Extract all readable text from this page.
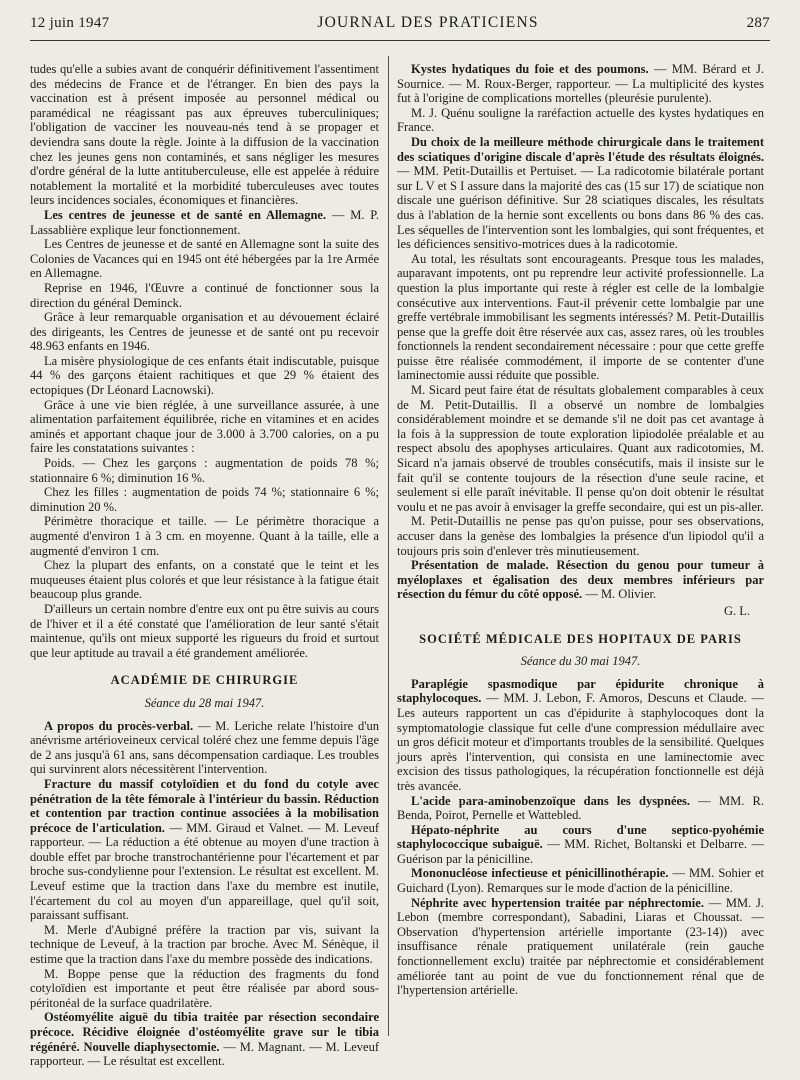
12 juin 1947	JOURNAL DES PRATICIENS	287

tudes qu'elle a subies avant de conquérir définitivement l'assentiment des médecins de France et de l'étranger. En bien des pays la vaccination est à présent imposée au personnel médical ou paramédical ne réagissant pas aux épreuves tuberculiniques; l'obligation de vacciner les nouveau-nés tend à se propager et deviendra sans doute la règle. Jointe à la diffusion de la vaccination chez les jeunes gens non contaminés, et sans négliger les mesures d'ordre général de la lutte antituberculeuse, elle est appelée à réduire notablement la mortalité et la morbidité tuberculeuses avec toutes leurs incidences sociales, économiques et financières.

Les centres de jeunesse et de santé en Allemagne. — M. P. Lassablière explique leur fonctionnement.

Les Centres de jeunesse et de santé en Allemagne sont la suite des Colonies de Vacances qui en 1945 ont été hébergées par la 1re Armée en Allemagne.

Reprise en 1946, l'Œuvre a continué de fonctionner sous la direction du général Deminck.

Grâce à leur remarquable organisation et au dévouement éclairé des dirigeants, les Centres de jeunesse et de santé ont pu recevoir 48.963 enfants en 1946.

La misère physiologique de ces enfants était indiscutable, puisque 44 % des garçons étaient rachitiques et que 29 % étaient des ectopiques (Dr Léonard Lacnowski).

Grâce à une vie bien réglée, à une surveillance assurée, à une alimentation parfaitement équilibrée, riche en vitamines et en acides aminés et apportant chaque jour de 3.000 à 3.700 calories, on a pu faire les constatations suivantes :

Poids. — Chez les garçons : augmentation de poids 78 %; stationnaire 6 %; diminution 16 %.

Chez les filles : augmentation de poids 74 %; stationnaire 6 %; diminution 20 %.

Périmètre thoracique et taille. — Le périmètre thoracique a augmenté d'environ 1 à 3 cm. en moyenne. Quant à la taille, elle a augmenté d'environ 1 cm.

Chez la plupart des enfants, on a constaté que le teint et les muqueuses étaient plus colorés et que leur résistance à la fatigue était beaucoup plus grande.

D'ailleurs un certain nombre d'entre eux ont pu être suivis au cours de l'hiver et il a été constaté que l'amélioration de leur santé s'était maintenue, qu'ils ont mieux supporté les rigueurs du froid et surtout que leur aptitude au travail a été grandement améliorée.

ACADÉMIE DE CHIRURGIE

Séance du 28 mai 1947.

A propos du procès-verbal. — M. Leriche relate l'histoire d'un anévrisme artérioveineux cervical toléré chez une femme depuis l'âge de 2 ans jusqu'à 61 ans, sans décompensation cardiaque. Les troubles qui survinrent alors nécessitèrent l'intervention.

Fracture du massif cotyloïdien et du fond du cotyle avec pénétration de la tête fémorale à l'intérieur du bassin. Réduction et contention par traction continue associées à la mobilisation précoce de l'articulation. — MM. Giraud et Valnet. — M. Leveuf rapporteur. — La réduction a été obtenue au moyen d'une traction à double effet par broche transtrochantérienne pour l'écartement et par broche sus-condylienne pour l'extension. Le résultat est excellent. M. Leveuf estime que la traction dans l'axe du membre est inutile, l'écartement du col au moyen d'un appareillage, quel qu'il soit, paraissant suffisant.

M. Merle d'Aubigné préfère la traction par vis, suivant la technique de Leveuf, à la traction par broche. Avec M. Sénèque, il estime que la traction dans l'axe du membre possède des indications.

M. Boppe pense que la réduction des fragments du fond cotyloïdien est importante et peut être réalisée par abord sous-péritonéal de la surface quadrilatère.

Ostéomyélite aiguë du tibia traitée par résection secondaire précoce. Récidive éloignée d'ostéomyélite grave sur le tibia régénéré. Nouvelle diaphysectomie. — M. Magnant. — M. Leveuf rapporteur. — Le résultat est excellent.

Kystes hydatiques du foie et des poumons. — MM. Bérard et J. Sournice. — M. Roux-Berger, rapporteur. — La multiplicité des kystes fut à l'origine de complications mortelles (pleurésie purulente).

M. J. Quénu souligne la raréfaction actuelle des kystes hydatiques en France.

Du choix de la meilleure méthode chirurgicale dans le traitement des sciatiques d'origine discale d'après l'étude des résultats éloignés. — MM. Petit-Dutaillis et Pertuiset. — La radicotomie bilatérale portant sur L V et S I assure dans la majorité des cas (15 sur 17) de sciatique non discale une guérison définitive. Sur 28 sciatiques discales, les résultats dus à l'ablation de la hernie sont excellents ou bons dans 86 % des cas. Les séquelles de l'intervention sont les lombalgies, qui sont fréquentes, et les déficiences sensitivo-motrices dues à la radicotomie.

Au total, les résultats sont encourageants. Presque tous les malades, auparavant impotents, ont pu reprendre leur activité professionnelle. La question la plus importante qui reste à régler est celle de la lombalgie consécutive aux interventions. Faut-il prévenir cette lombalgie par une greffe vertébrale immobilisant les segments intéressés? M. Petit-Dutaillis pense que la greffe doit être réservée aux cas, assez rares, où les troubles fonctionnels la rendent secondairement nécessaire : pour que cette greffe puisse être réalisée commodément, il importe de se contenter d'une laminectomie aussi réduite que possible.

M. Sicard peut faire état de résultats globalement comparables à ceux de M. Petit-Dutaillis. Il a observé un nombre de lombalgies considérablement moindre et se demande s'il ne doit pas cet avantage à la fois à la suppression de toute exploration lipiodolée préalable et au respect absolu des apophyses articulaires. Quant aux radicotomies, M. Sicard n'a jamais observé de troubles consécutifs, mais il insiste sur le fait qu'il se contente toujours de la résection d'une seule racine, et seulement si elle paraît inévitable. Il pense qu'on doit obtenir le résultat voulu et ne pas avoir à envisager la greffe secondaire, qui est un pis-aller.

M. Petit-Dutaillis ne pense pas qu'on puisse, pour ses observations, accuser dans la genèse des lombalgies la présence d'un lipiodol qu'il a toujours pris soin d'enlever très minutieusement.

Présentation de malade. Résection du genou pour tumeur à myéloplaxes et égalisation des deux membres inférieurs par résection du fémur du côté opposé. — M. Olivier.

G. L.

SOCIÉTÉ MÉDICALE DES HOPITAUX DE PARIS

Séance du 30 mai 1947.

Paraplégie spasmodique par épidurite chronique à staphylocoques. — MM. J. Lebon, F. Amoros, Descuns et Claude. — Les auteurs rapportent un cas d'épidurite à staphylocoques dont la symptomatologie classique fut celle d'une compression médullaire avec un gros déficit moteur et d'importants troubles de la sensibilité. Quelques jours après l'intervention, qui consista en une laminectomie avec excision des tissus pathologiques, la récupération fonctionnelle est déjà très avancée.

L'acide para-aminobenzoïque dans les dyspnées. — MM. R. Benda, Poirot, Pernelle et Wattebled.

Hépato-néphrite au cours d'une septico-pyohémie staphylococcique subaiguë. — MM. Richet, Boltanski et Delbarre. — Guérison par la pénicilline.

Mononucléose infectieuse et pénicillinothérapie. — MM. Sohier et Guichard (Lyon). Remarques sur le mode d'action de la pénicilline.

Néphrite avec hypertension traitée par néphrectomie. — MM. J. Lebon (membre correspondant), Sabadini, Liaras et Choussat. — Observation d'hypertension artérielle importante (23-14)) avec insuffisance rénale pratiquement unilatérale (rein gauche fonctionnellement exclu) traitée par néphrectomie et considérablement améliorée tant au point de vue du fonctionnement rénal que de l'hypertension artérielle.
